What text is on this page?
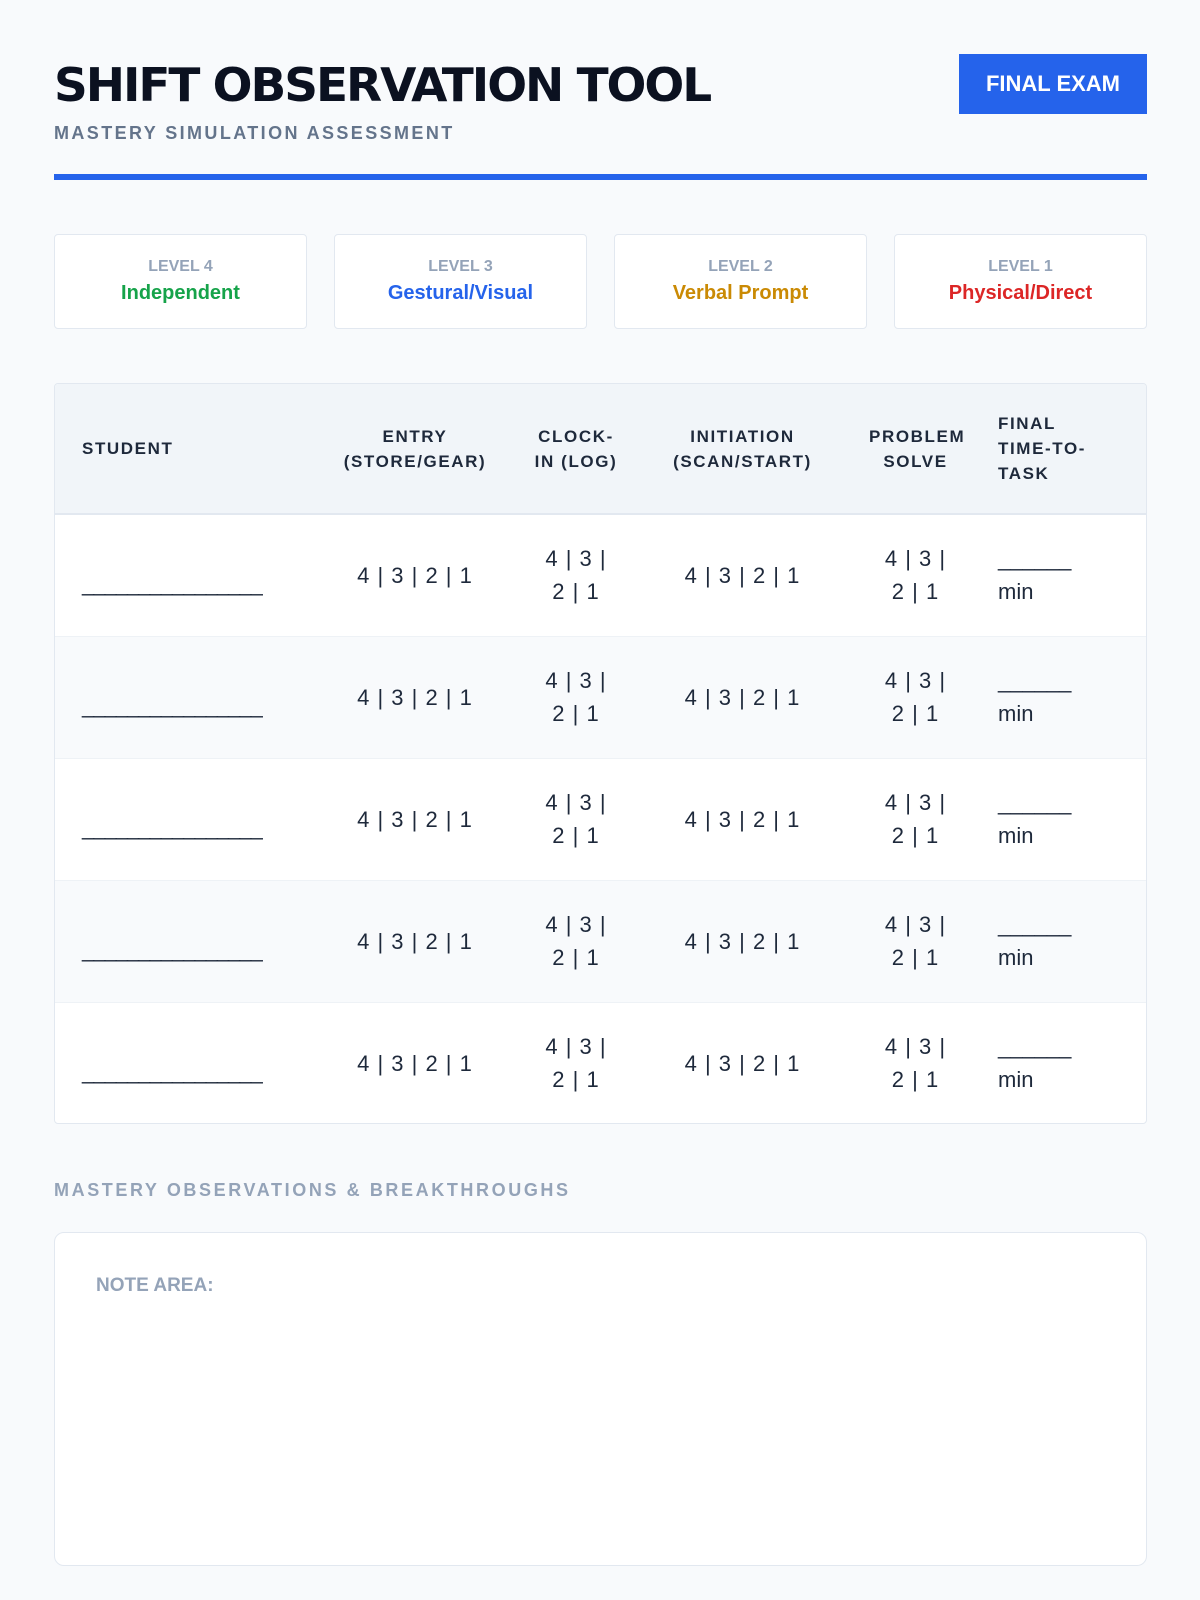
SHIFT OBSERVATION TOOL
MASTERY SIMULATION ASSESSMENT
FINAL EXAM
LEVEL 4
Independent
LEVEL 3
Gestural/Visual
LEVEL 2
Verbal Prompt
LEVEL 1
Physical/Direct
STUDENT	ENTRY (STORE/GEAR)	CLOCK-IN (LOG)	INITIATION (SCAN/START)	PROBLEM SOLVE	FINAL TIME-TO-TASK
________________	4 | 3 | 2 | 1	4 | 3 | 2 | 1	4 | 3 | 2 | 1	4 | 3 | 2 | 1	______ min
________________	4 | 3 | 2 | 1	4 | 3 | 2 | 1	4 | 3 | 2 | 1	4 | 3 | 2 | 1	______ min
________________	4 | 3 | 2 | 1	4 | 3 | 2 | 1	4 | 3 | 2 | 1	4 | 3 | 2 | 1	______ min
________________	4 | 3 | 2 | 1	4 | 3 | 2 | 1	4 | 3 | 2 | 1	4 | 3 | 2 | 1	______ min
________________	4 | 3 | 2 | 1	4 | 3 | 2 | 1	4 | 3 | 2 | 1	4 | 3 | 2 | 1	______ min
MASTERY OBSERVATIONS & BREAKTHROUGHS
NOTE AREA:
